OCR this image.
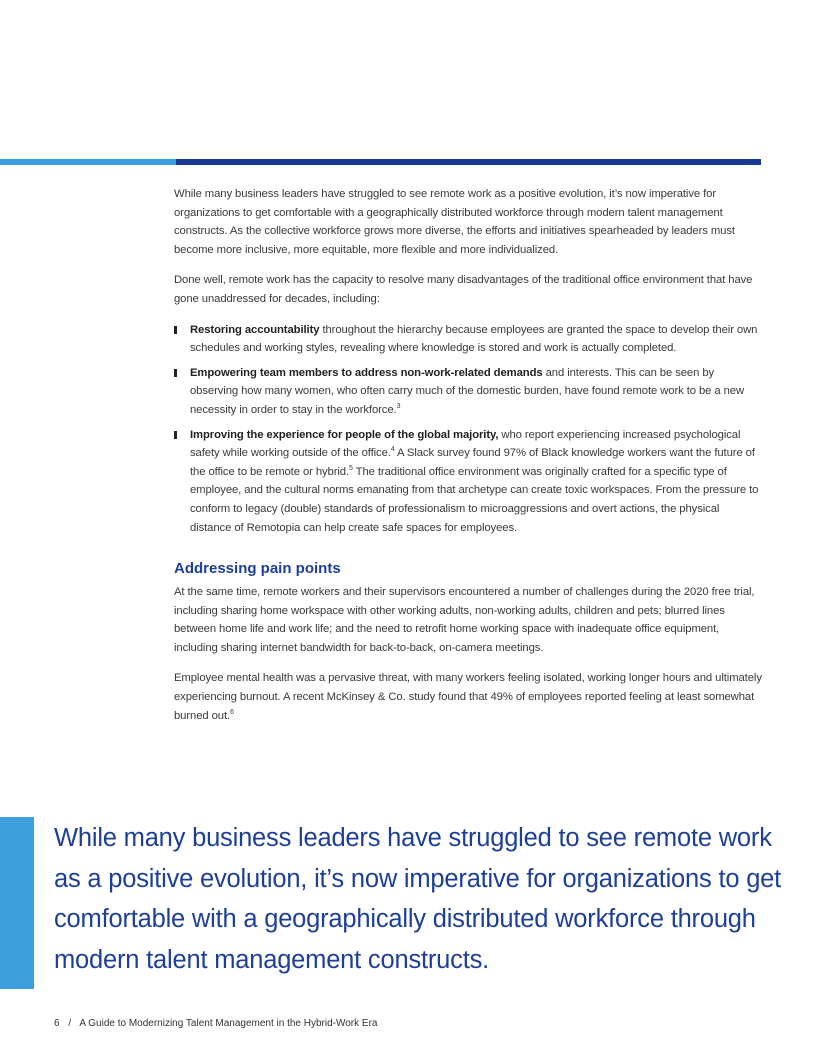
While many business leaders have struggled to see remote work as a positive evolution, it’s now imperative for organizations to get comfortable with a geographically distributed workforce through modern talent management constructs. As the collective workforce grows more diverse, the efforts and initiatives spearheaded by leaders must become more inclusive, more equitable, more flexible and more individualized.

Done well, remote work has the capacity to resolve many disadvantages of the traditional office environment that have gone unaddressed for decades, including:

Restoring accountability throughout the hierarchy because employees are granted the space to develop their own schedules and working styles, revealing where knowledge is stored and work is actually completed.
Empowering team members to address non-work-related demands and interests. This can be seen by observing how many women, who often carry much of the domestic burden, have found remote work to be a new necessity in order to stay in the workforce.$^3$
Improving the experience for people of the global majority, who report experiencing increased psychological safety while working outside of the office.$^4$ A Slack survey found 97% of Black knowledge workers want the future of the office to be remote or hybrid.$^5$ The traditional office environment was originally crafted for a specific type of employee, and the cultural norms emanating from that archetype can create toxic workspaces. From the pressure to conform to legacy (double) standards of professionalism to microaggressions and overt actions, the physical distance of Remotopia can help create safe spaces for employees.
Addressing pain points

At the same time, remote workers and their supervisors encountered a number of challenges during the 2020 free trial, including sharing home workspace with other working adults, non-working adults, children and pets; blurred lines between home life and work life; and the need to retrofit home working space with inadequate office equipment, including sharing internet bandwidth for back-to-back, on-camera meetings.

Employee mental health was a pervasive threat, with many workers feeling isolated, working longer hours and ultimately experiencing burnout. A recent McKinsey & Co. study found that 49% of employees reported feeling at least somewhat burned out.$^6$

While many business leaders have struggled to see remote work as a positive evolution, it’s now imperative for organizations to get comfortable with a geographically distributed workforce through modern talent management constructs.
6 / A Guide to Modernizing Talent Management in the Hybrid-Work Era
